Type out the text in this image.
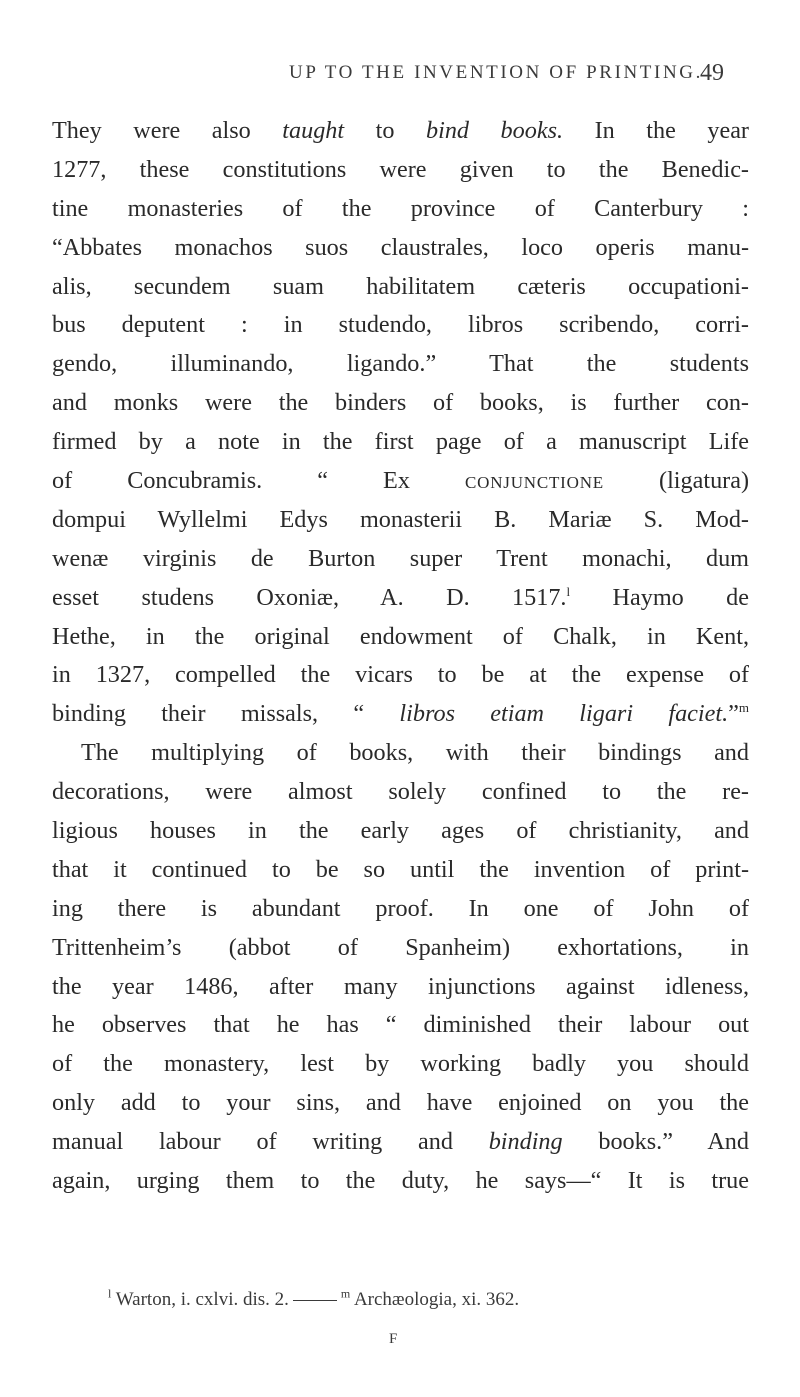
UP TO THE INVENTION OF PRINTING.
49
They were also taught to bind books. In the year
1277, these constitutions were given to the Benedic-
tine monasteries of the province of Canterbury :
“Abbates monachos suos claustrales, loco operis manu-
alis, secundem suam habilitatem cæteris occupationi-
bus deputent : in studendo, libros scribendo, corri-
gendo, illuminando, ligando.” That the students
and monks were the binders of books, is further con-
firmed by a note in the first page of a manuscript Life
of Concubramis. “ Ex conjunctione (ligatura)
dompui Wyllelmi Edys monasterii B. Mariæ S. Mod-
wenæ virginis de Burton super Trent monachi, dum
esset studens Oxoniæ, A. D. 1517.$^l$ Haymo de
Hethe, in the original endowment of Chalk, in Kent,
in 1327, compelled the vicars to be at the expense of
binding their missals, “ libros etiam ligari faciet.”$^m$
The multiplying of books, with their bindings and
decorations, were almost solely confined to the re-
ligious houses in the early ages of christianity, and
that it continued to be so until the invention of print-
ing there is abundant proof. In one of John of
Trittenheim’s (abbot of Spanheim) exhortations, in
the year 1486, after many injunctions against idleness,
he observes that he has “ diminished their labour out
of the monastery, lest by working badly you should
only add to your sins, and have enjoined on you the
manual labour of writing and binding books.” And
again, urging them to the duty, he says—“ It is true
$^l$ Warton, i. cxlvi. dis. 2.	$^m$ Archæologia, xi. 362.
F
